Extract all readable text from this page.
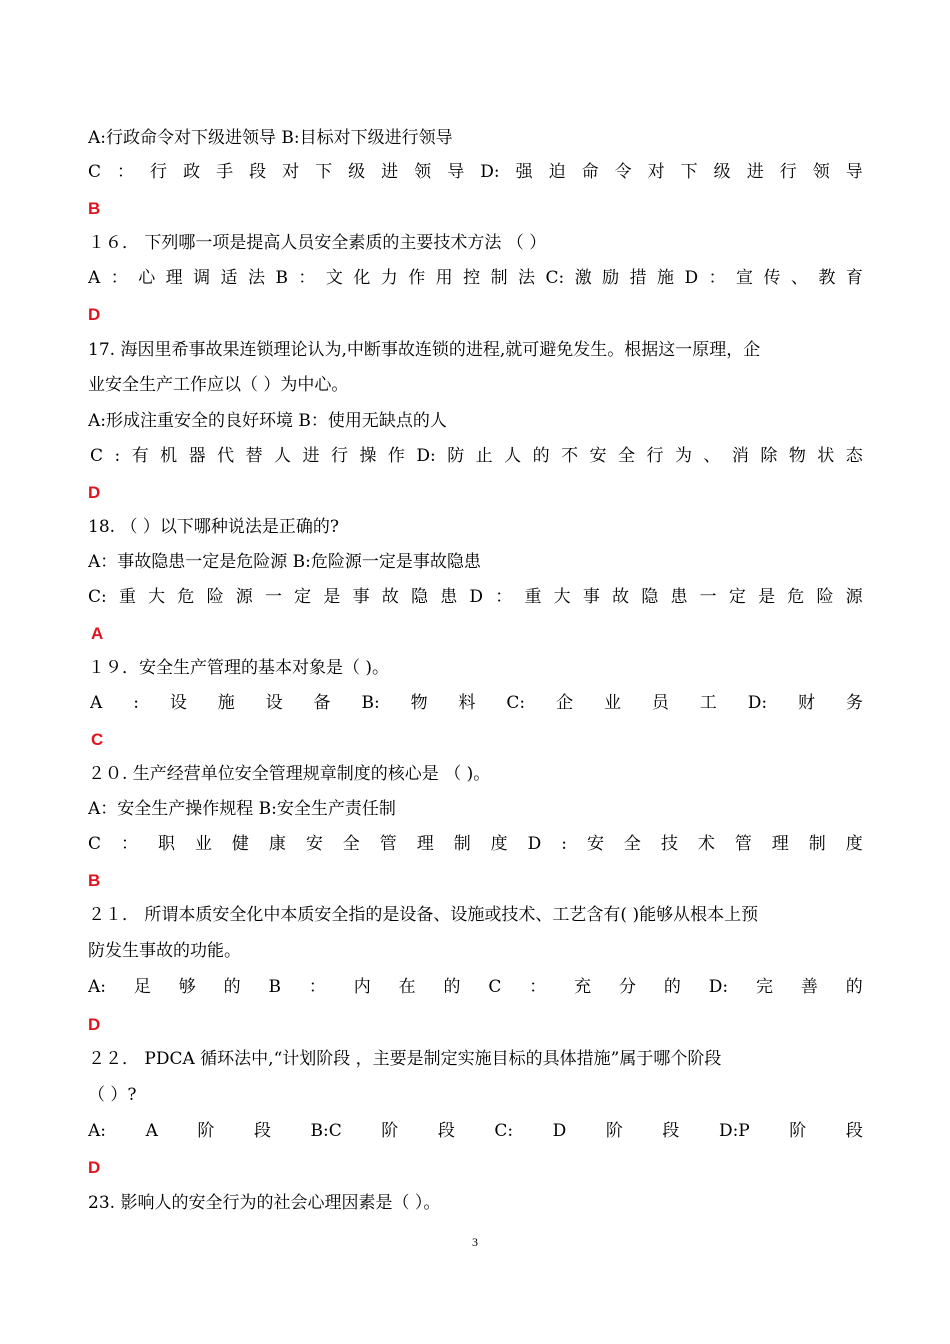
A:行政命令对下级进领导 B:目标对下级进行领导
C ： 行 政 手 段 对 下 级 进 领 导 D: 强 迫 命 令 对 下 级 进 行 领 导
B
１６． 下列哪一项是提高人员安全素质的主要技术方法 （ ）
A ： 心 理 调 适 法 B ： 文 化 力 作 用 控 制 法 C: 激 励 措 施 D ： 宣 传 、 教 育
D
17. 海因里希事故果连锁理论认为,中断事故连锁的进程,就可避免发生。根据这一原理，企
业安全生产工作应以（ ）为中心。
A:形成注重安全的良好环境 B：使用无缺点的人
C : 有 机 器 代 替 人 进 行 操 作 D: 防 止 人 的 不 安 全 行 为 、 消 除 物 状 态
D
18. （ ）以下哪种说法是正确的?
A：事故隐患一定是危险源 B:危险源一定是事故隐患
C: 重 大 危 险 源 一 定 是 事 故 隐 患 D ： 重 大 事 故 隐 患 一 定 是 危 险 源
A
１９．安全生产管理的基本对象是（ )。
A : 设 施 设 备 B: 物 料 C: 企 业 员 工 D: 财 务
C
２０. 生产经营单位安全管理规章制度的核心是 （ )。
A：安全生产操作规程 B:安全生产责任制
C ： 职 业 健 康 安 全 管 理 制 度 D : 安 全 技 术 管 理 制 度
B
２１． 所谓本质安全化中本质安全指的是设备、设施或技术、工艺含有( )能够从根本上预
防发生事故的功能。
A: 足 够 的 B ： 内 在 的 C ： 充 分 的 D: 完 善 的
D
２２． PDCA 循环法中,“计划阶段 ，主要是制定实施目标的具体措施”属于哪个阶段
（ ）?
A: A 阶 段 B:C 阶 段 C: D 阶 段 D:P 阶 段
D
23. 影响人的安全行为的社会心理因素是（ ）。
3
